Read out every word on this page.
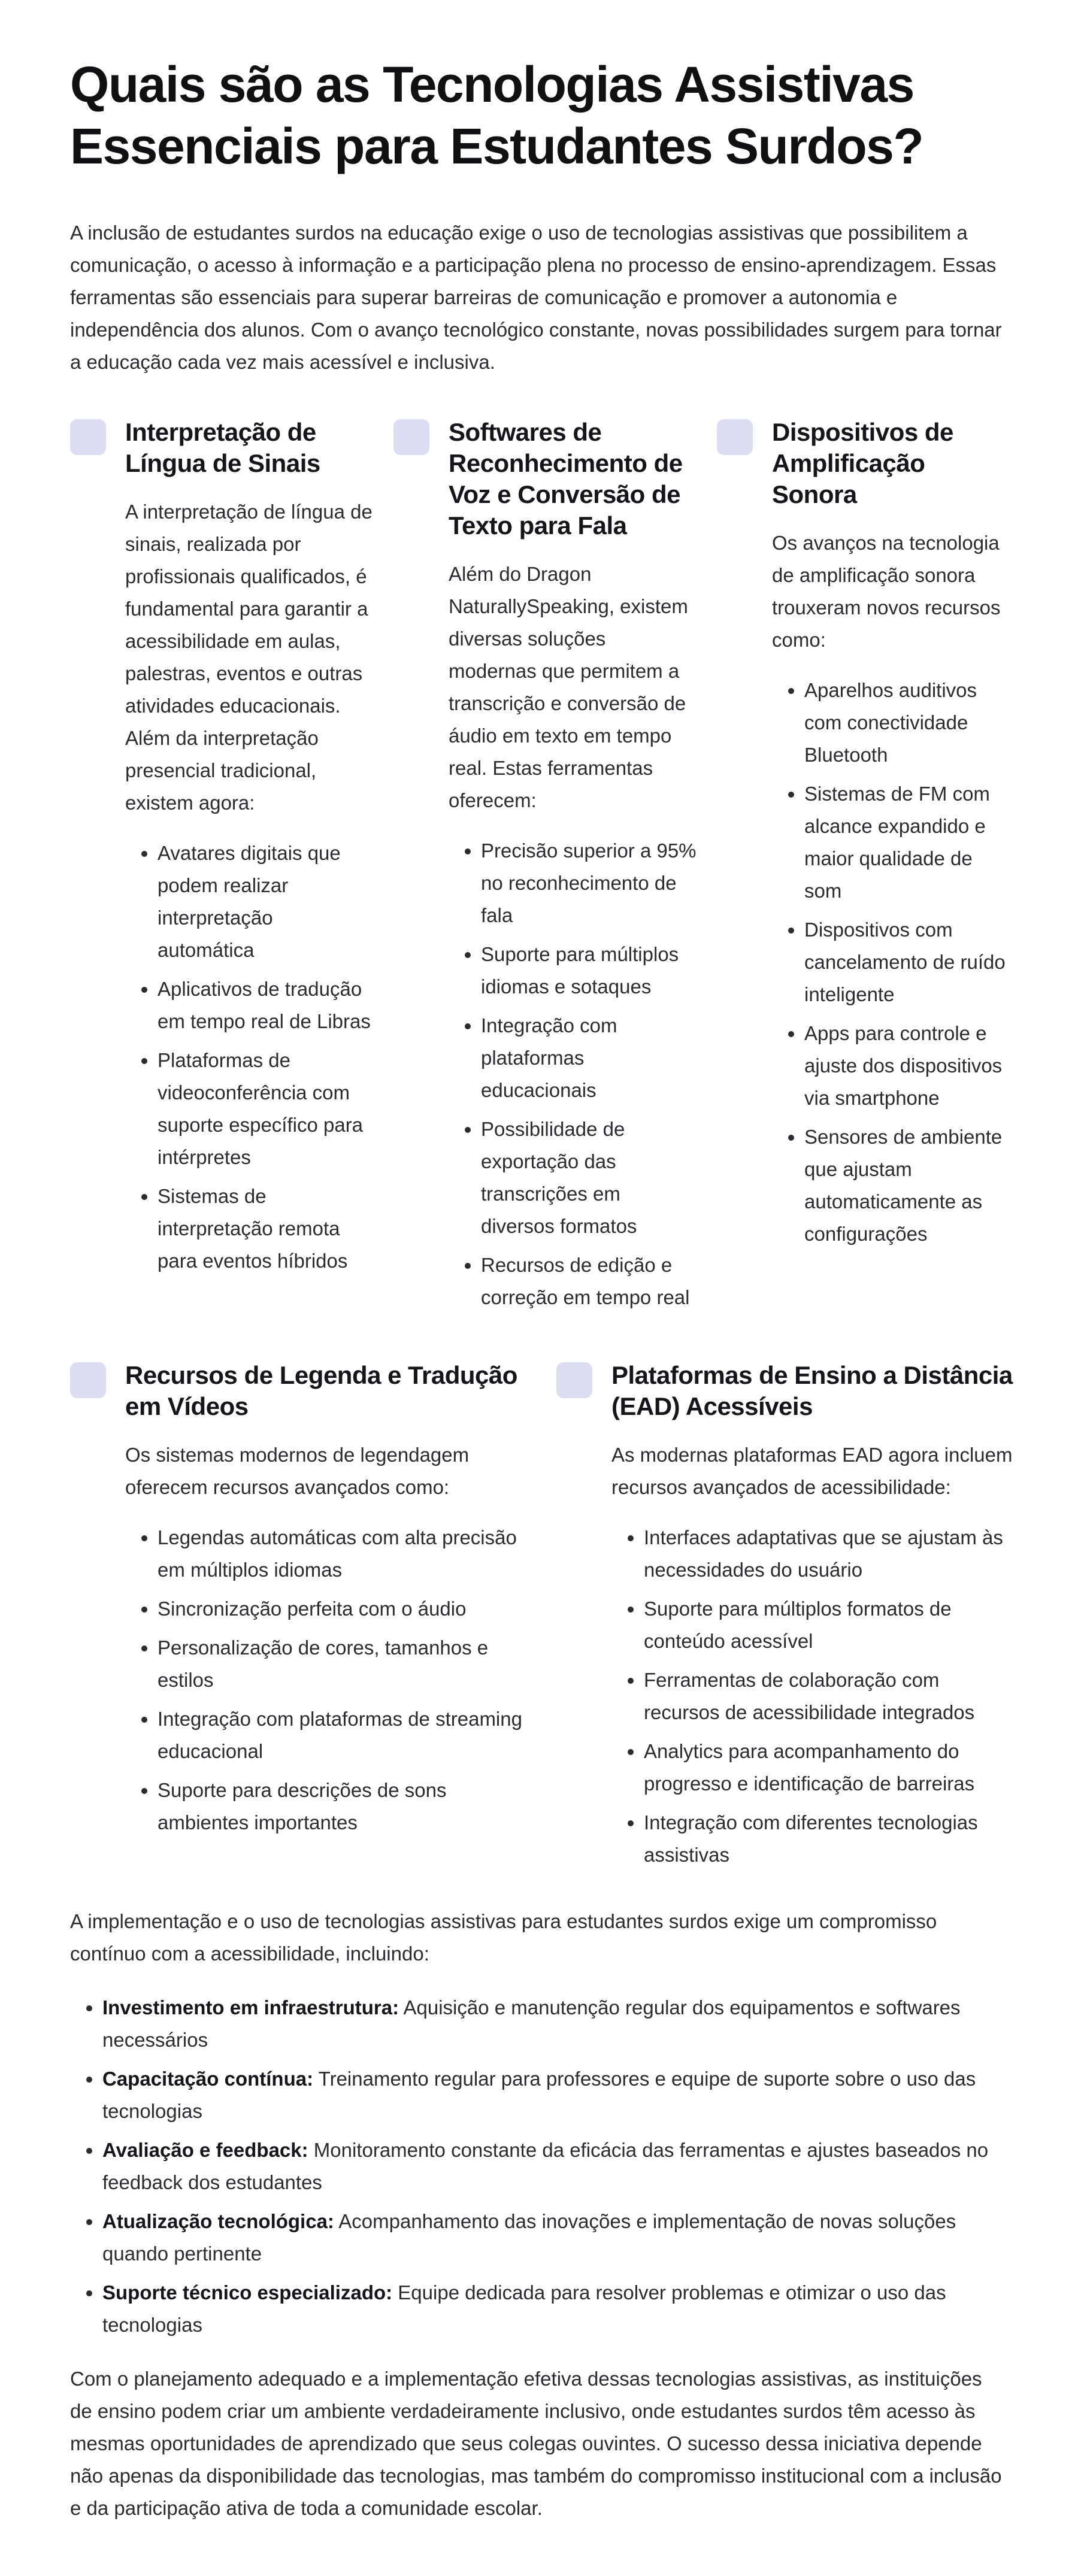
Quais são as Tecnologias Assistivas Essenciais para Estudantes Surdos?

A inclusão de estudantes surdos na educação exige o uso de tecnologias assistivas que possibilitem a comunicação, o acesso à informação e a participação plena no processo de ensino-aprendizagem. Essas ferramentas são essenciais para superar barreiras de comunicação e promover a autonomia e independência dos alunos. Com o avanço tecnológico constante, novas possibilidades surgem para tornar a educação cada vez mais acessível e inclusiva.

Interpretação de Língua de Sinais

A interpretação de língua de sinais, realizada por profissionais qualificados, é fundamental para garantir a acessibilidade em aulas, palestras, eventos e outras atividades educacionais. Além da interpretação presencial tradicional, existem agora:

• Avatares digitais que podem realizar interpretação automática
• Aplicativos de tradução em tempo real de Libras
• Plataformas de videoconferência com suporte específico para intérpretes
• Sistemas de interpretação remota para eventos híbridos
Softwares de Reconhecimento de Voz e Conversão de Texto para Fala

Além do Dragon NaturallySpeaking, existem diversas soluções modernas que permitem a transcrição e conversão de áudio em texto em tempo real. Estas ferramentas oferecem:

• Precisão superior a 95% no reconhecimento de fala
• Suporte para múltiplos idiomas e sotaques
• Integração com plataformas educacionais
• Possibilidade de exportação das transcrições em diversos formatos
• Recursos de edição e correção em tempo real
Dispositivos de Amplificação Sonora

Os avanços na tecnologia de amplificação sonora trouxeram novos recursos como:

• Aparelhos auditivos com conectividade Bluetooth
• Sistemas de FM com alcance expandido e maior qualidade de som
• Dispositivos com cancelamento de ruído inteligente
• Apps para controle e ajuste dos dispositivos via smartphone
• Sensores de ambiente que ajustam automaticamente as configurações
Recursos de Legenda e Tradução em Vídeos

Os sistemas modernos de legendagem oferecem recursos avançados como:

• Legendas automáticas com alta precisão em múltiplos idiomas
• Sincronização perfeita com o áudio
• Personalização de cores, tamanhos e estilos
• Integração com plataformas de streaming educacional
• Suporte para descrições de sons ambientes importantes
Plataformas de Ensino a Distância (EAD) Acessíveis

As modernas plataformas EAD agora incluem recursos avançados de acessibilidade:

• Interfaces adaptativas que se ajustam às necessidades do usuário
• Suporte para múltiplos formatos de conteúdo acessível
• Ferramentas de colaboração com recursos de acessibilidade integrados
• Analytics para acompanhamento do progresso e identificação de barreiras
• Integração com diferentes tecnologias assistivas

A implementação e o uso de tecnologias assistivas para estudantes surdos exige um compromisso contínuo com a acessibilidade, incluindo:

• Investimento em infraestrutura: Aquisição e manutenção regular dos equipamentos e softwares necessários
• Capacitação contínua: Treinamento regular para professores e equipe de suporte sobre o uso das tecnologias
• Avaliação e feedback: Monitoramento constante da eficácia das ferramentas e ajustes baseados no feedback dos estudantes
• Atualização tecnológica: Acompanhamento das inovações e implementação de novas soluções quando pertinente
• Suporte técnico especializado: Equipe dedicada para resolver problemas e otimizar o uso das tecnologias

Com o planejamento adequado e a implementação efetiva dessas tecnologias assistivas, as instituições de ensino podem criar um ambiente verdadeiramente inclusivo, onde estudantes surdos têm acesso às mesmas oportunidades de aprendizado que seus colegas ouvintes. O sucesso dessa iniciativa depende não apenas da disponibilidade das tecnologias, mas também do compromisso institucional com a inclusão e da participação ativa de toda a comunidade escolar.
